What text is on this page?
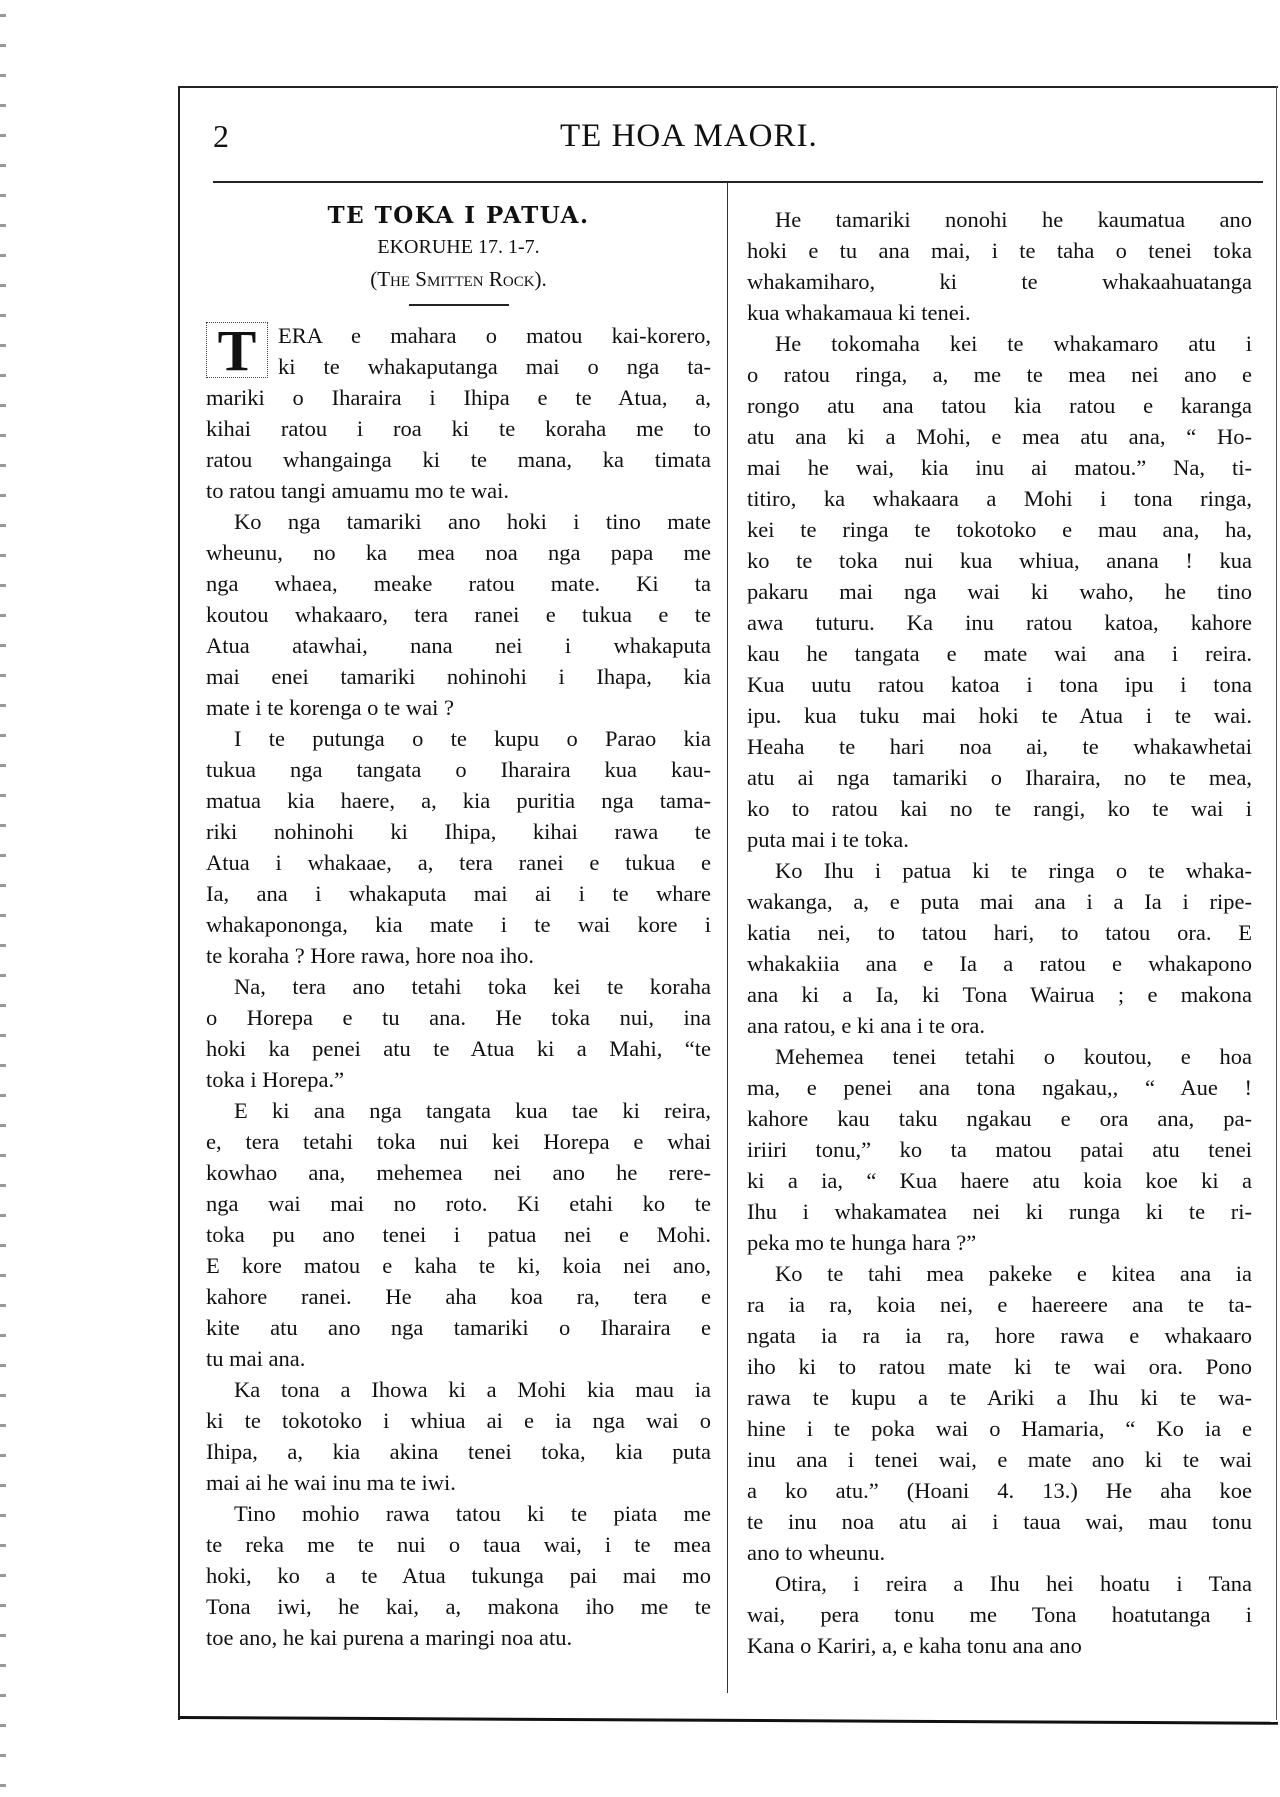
2	TE HOA MAORI.
TE TOKA I PATUA.
EKORUHE 17. 1-7.
(The Smitten Rock).
T ERA e mahara o matou kai-korero,
ki te whakaputanga mai o nga ta-
mariki o Iharaira i Ihipa e te Atua, a,
kihai ratou i roa ki te koraha me to
ratou whangainga ki te mana, ka timata
to ratou tangi amuamu mo te wai.
Ko nga tamariki ano hoki i tino mate
wheunu, no ka mea noa nga papa me
nga whaea, meake ratou mate. Ki ta
koutou whakaaro, tera ranei e tukua e te
Atua atawhai, nana nei i whakaputa
mai enei tamariki nohinohi i Ihapa, kia
mate i te korenga o te wai ?
I te putunga o te kupu o Parao kia
tukua nga tangata o Iharaira kua kau-
matua kia haere, a, kia puritia nga tama-
riki nohinohi ki Ihipa, kihai rawa te
Atua i whakaae, a, tera ranei e tukua e
Ia, ana i whakaputa mai ai i te whare
whakapononga, kia mate i te wai kore i
te koraha ? Hore rawa, hore noa iho.
Na, tera ano tetahi toka kei te koraha
o Horepa e tu ana. He toka nui, ina
hoki ka penei atu te Atua ki a Mahi, “te
toka i Horepa.”
E ki ana nga tangata kua tae ki reira,
e, tera tetahi toka nui kei Horepa e whai
kowhao ana, mehemea nei ano he rere-
nga wai mai no roto. Ki etahi ko te
toka pu ano tenei i patua nei e Mohi.
E kore matou e kaha te ki, koia nei ano,
kahore ranei. He aha koa ra, tera e
kite atu ano nga tamariki o Iharaira e
tu mai ana.
Ka tona a Ihowa ki a Mohi kia mau ia
ki te tokotoko i whiua ai e ia nga wai o
Ihipa, a, kia akina tenei toka, kia puta
mai ai he wai inu ma te iwi.
Tino mohio rawa tatou ki te piata me
te reka me te nui o taua wai, i te mea
hoki, ko a te Atua tukunga pai mai mo
Tona iwi, he kai, a, makona iho me te
toe ano, he kai purena a maringi noa atu.
He tamariki nonohi he kaumatua ano
hoki e tu ana mai, i te taha o tenei toka
whakamiharo, ki te whakaahuatanga
kua whakamaua ki tenei.
He tokomaha kei te whakamaro atu i
o ratou ringa, a, me te mea nei ano e
rongo atu ana tatou kia ratou e karanga
atu ana ki a Mohi, e mea atu ana, “ Ho-
mai he wai, kia inu ai matou.” Na, ti-
titiro, ka whakaara a Mohi i tona ringa,
kei te ringa te tokotoko e mau ana, ha,
ko te toka nui kua whiua, anana ! kua
pakaru mai nga wai ki waho, he tino
awa tuturu. Ka inu ratou katoa, kahore
kau he tangata e mate wai ana i reira.
Kua uutu ratou katoa i tona ipu i tona
ipu. kua tuku mai hoki te Atua i te wai.
Heaha te hari noa ai, te whakawhetai
atu ai nga tamariki o Iharaira, no te mea,
ko to ratou kai no te rangi, ko te wai i
puta mai i te toka.
Ko Ihu i patua ki te ringa o te whaka-
wakanga, a, e puta mai ana i a Ia i ripe-
katia nei, to tatou hari, to tatou ora. E
whakakiia ana e Ia a ratou e whakapono
ana ki a Ia, ki Tona Wairua ; e makona
ana ratou, e ki ana i te ora.
Mehemea tenei tetahi o koutou, e hoa
ma, e penei ana tona ngakau,, “ Aue !
kahore kau taku ngakau e ora ana, pa-
iriiri tonu,” ko ta matou patai atu tenei
ki a ia, “ Kua haere atu koia koe ki a
Ihu i whakamatea nei ki runga ki te ri-
peka mo te hunga hara ?”
Ko te tahi mea pakeke e kitea ana ia
ra ia ra, koia nei, e haereere ana te ta-
ngata ia ra ia ra, hore rawa e whakaaro
iho ki to ratou mate ki te wai ora. Pono
rawa te kupu a te Ariki a Ihu ki te wa-
hine i te poka wai o Hamaria, “ Ko ia e
inu ana i tenei wai, e mate ano ki te wai
a ko atu.” (Hoani 4. 13.) He aha koe
te inu noa atu ai i taua wai, mau tonu
ano to wheunu.
Otira, i reira a Ihu hei hoatu i Tana
wai, pera tonu me Tona hoatutanga i
Kana o Kariri, a, e kaha tonu ana ano
